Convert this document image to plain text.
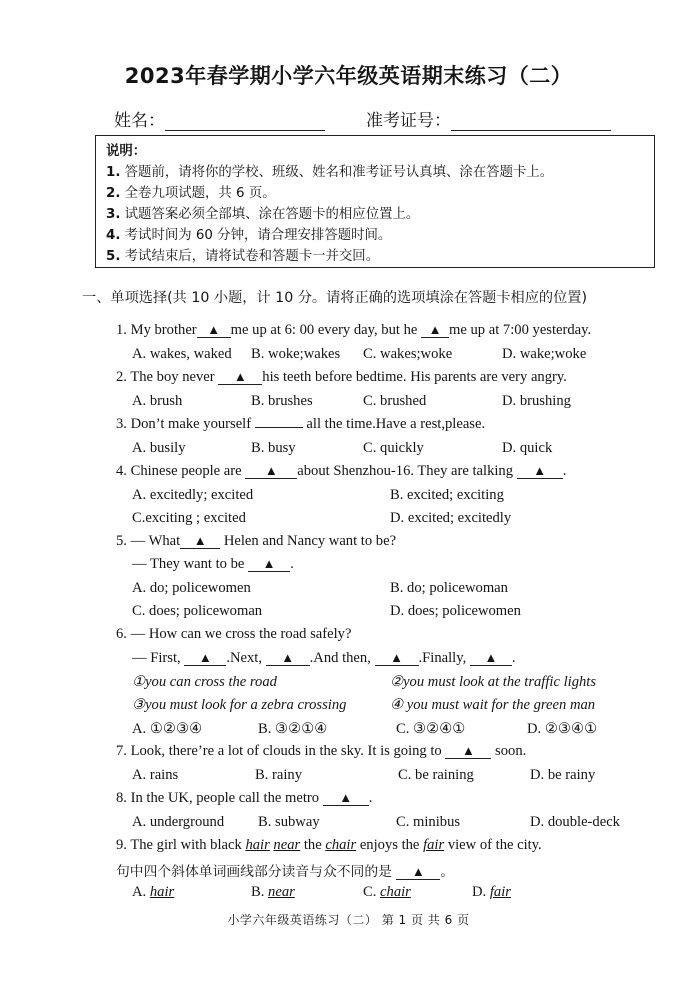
2023年春学期小学六年级英语期末练习（二）
姓名：	准考证号：
说明：
1. 答题前，请将你的学校、班级、姓名和准考证号认真填、涂在答题卡上。
2. 全卷九项试题，共 6 页。
3. 试题答案必须全部填、涂在答题卡的相应位置上。
4. 考试时间为 60 分钟，请合理安排答题时间。
5. 考试结束后，请将试卷和答题卡一并交回。
一、单项选择(共 10 小题，计 10 分。请将正确的选项填涂在答题卡相应的位置)
1. My brother ▲ me up at 6: 00 every day, but he ▲ me up at 7:00 yesterday.
A. wakes, waked B. woke;wakes C. wakes;woke	D. wake;woke
2. The boy never ▲ his teeth before bedtime. His parents are very angry.
A. brush	B. brushes	C. brushed	D. brushing
3. Don’t make yourself	all the time.Have a rest,please.
A. busily	B. busy	C. quickly	D. quick
4. Chinese people are ▲ about Shenzhou-16. They are talking ▲ .
A. excitedly; excited	B. excited; exciting
C.exciting ; excited	D. excited; excitedly
5. — What ▲ Helen and Nancy want to be?
— They want to be ▲ .
A. do; policewomen	B. do; policewoman
C. does; policewoman	D. does; policewomen
6. — How can we cross the road safely?
— First, ▲ .Next, ▲ .And then, ▲ .Finally, ▲ .
①you can cross the road	②you must look at the traffic lights
③you must look for a zebra crossing	④ you must wait for the green man
A. ①②③④	B. ③②①④	C. ③②④①	D. ②③④①
7. Look, there’re a lot of clouds in the sky. It is going to ▲ soon.
A. rains	B. rainy	C. be raining	D. be rainy
8. In the UK, people call the metro ▲ .
A. underground B. subway	C. minibus	D. double-deck
9. The girl with black hair near the chair enjoys the fair view of the city.
句中四个斜体单词画线部分读音与众不同的是 ▲ 。
A. hair	B. near	C. chair	D. fair
小学六年级英语练习（二） 第 1 页 共 6 页
